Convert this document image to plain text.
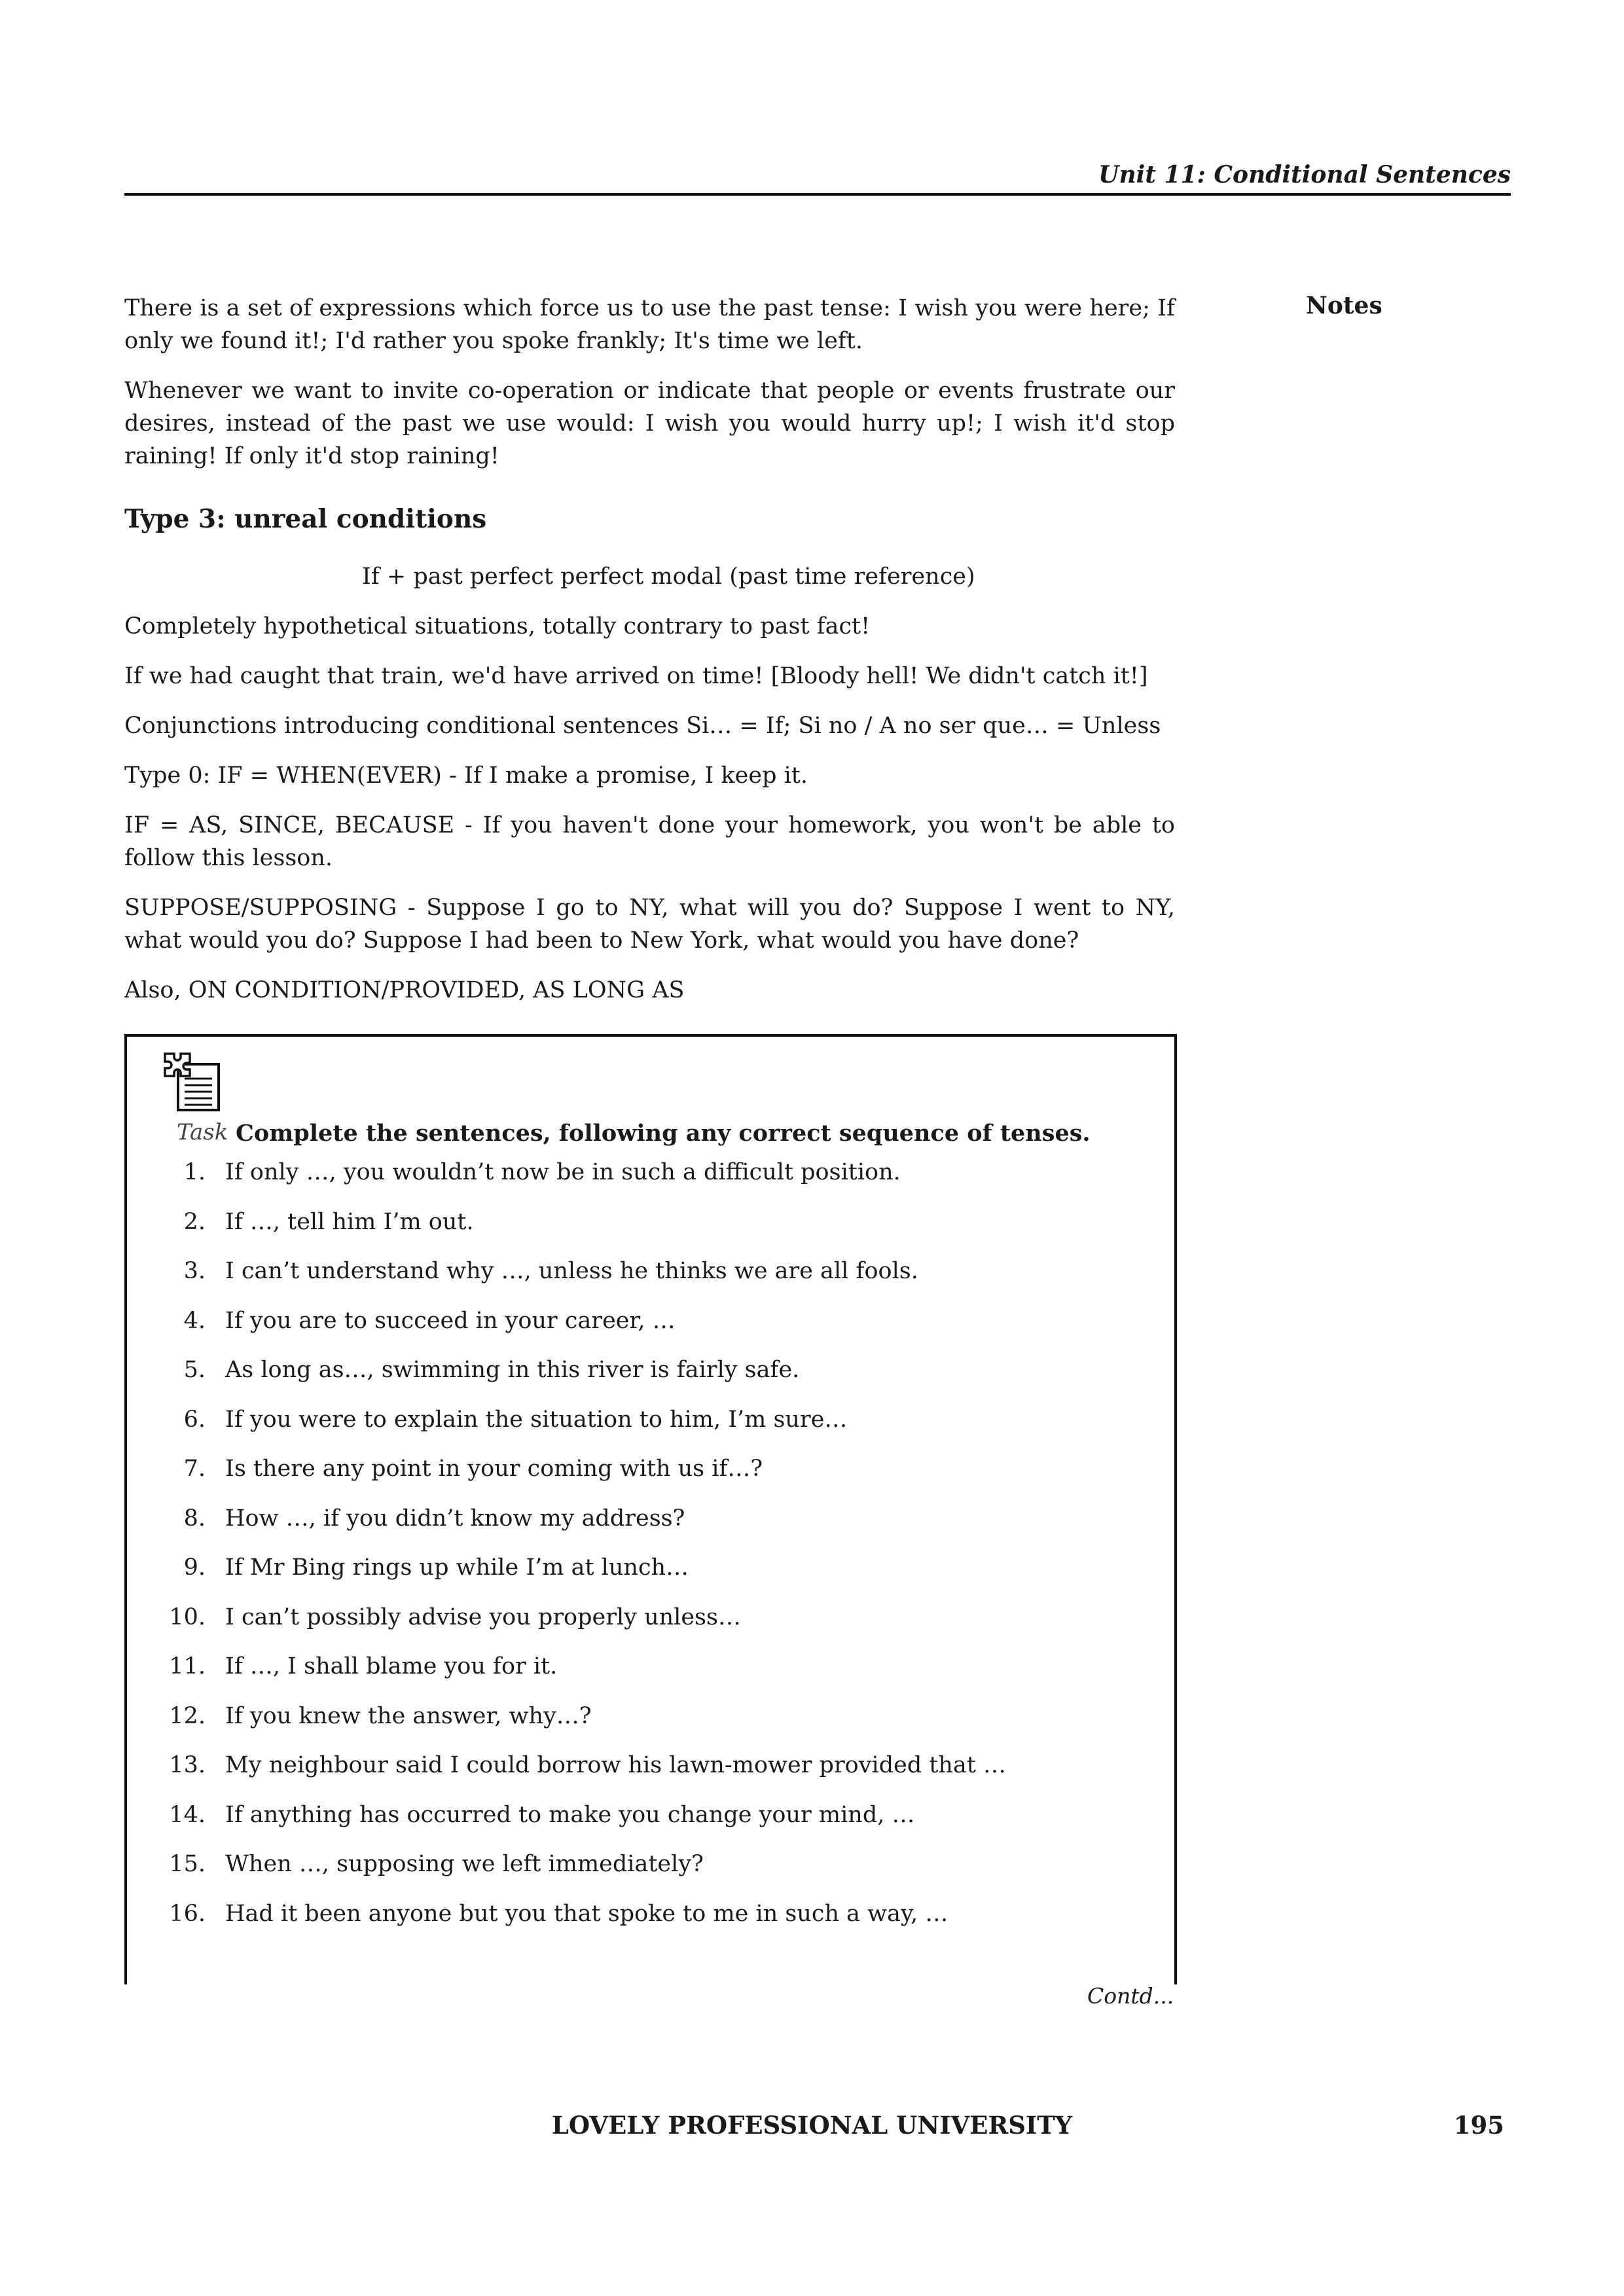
Unit 11: Conditional Sentences
Notes

There is a set of expressions which force us to use the past tense: I wish you were here; If only we found it!; I'd rather you spoke frankly; It's time we left.

Whenever we want to invite co-operation or indicate that people or events frustrate our desires, instead of the past we use would: I wish you would hurry up!; I wish it'd stop raining! If only it'd stop raining!

Type 3: unreal conditions

If + past perfect perfect modal (past time reference)

Completely hypothetical situations, totally contrary to past fact!

If we had caught that train, we'd have arrived on time! [Bloody hell! We didn't catch it!]

Conjunctions introducing conditional sentences Si… = If; Si no / A no ser que… = Unless

Type 0: IF = WHEN(EVER) - If I make a promise, I keep it.

IF = AS, SINCE, BECAUSE - If you haven't done your homework, you won't be able to follow this lesson.

SUPPOSE/SUPPOSING - Suppose I go to NY, what will you do? Suppose I went to NY, what would you do? Suppose I had been to New York, what would you have done?

Also, ON CONDITION/PROVIDED, AS LONG AS

Task Complete the sentences, following any correct sequence of tenses.
1. If only …, you wouldn’t now be in such a difficult position.
2. If …, tell him I’m out.
3. I can’t understand why …, unless he thinks we are all fools.
4. If you are to succeed in your career, …
5. As long as…, swimming in this river is fairly safe.
6. If you were to explain the situation to him, I’m sure…
7. Is there any point in your coming with us if…?
8. How …, if you didn’t know my address?
9. If Mr Bing rings up while I’m at lunch…
10. I can’t possibly advise you properly unless…
11. If …, I shall blame you for it.
12. If you knew the answer, why…?
13. My neighbour said I could borrow his lawn-mower provided that …
14. If anything has occurred to make you change your mind, …
15. When …, supposing we left immediately?
16. Had it been anyone but you that spoke to me in such a way, …
Contd...
LOVELY PROFESSIONAL UNIVERSITY	195
